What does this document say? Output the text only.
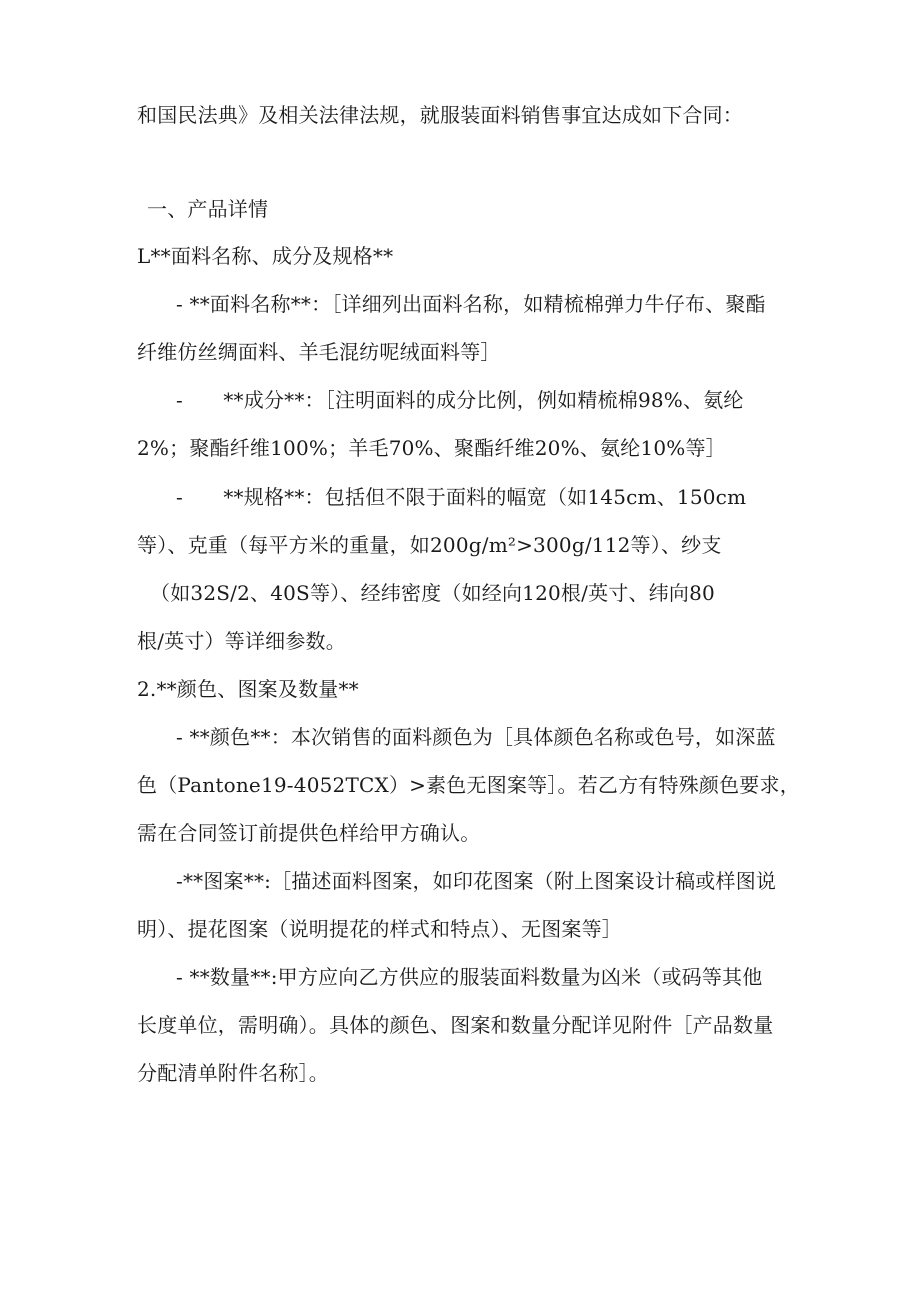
和国民法典》及相关法律法规，就服装面料销售事宜达成如下合同：
一、产品详情
L**面料名称、成分及规格**
- **面料名称**：［详细列出面料名称，如精梳棉弹力牛仔布、聚酯
纤维仿丝绸面料、羊毛混纺呢绒面料等］
-　　**成分**：［注明面料的成分比例，例如精梳棉98%、氨纶
2%；聚酯纤维100%；羊毛70%、聚酯纤维20%、氨纶10%等］
-　　**规格**：包括但不限于面料的幅宽（如145cm、150cm
等）、克重（每平方米的重量，如200g∕m²>300g∕112等）、纱支
（如32S/2、40S等）、经纬密度（如经向120根/英寸、纬向80
根/英寸）等详细参数。
2.**颜色、图案及数量**
- **颜色**：本次销售的面料颜色为［具体颜色名称或色号，如深蓝
色（Pantone19-4052TCX）>素色无图案等］。若乙方有特殊颜色要求，
需在合同签订前提供色样给甲方确认。
-**图案**:［描述面料图案，如印花图案（附上图案设计稿或样图说
明）、提花图案（说明提花的样式和特点）、无图案等］
- **数量**:甲方应向乙方供应的服装面料数量为凶米（或码等其他
长度单位，需明确）。具体的颜色、图案和数量分配详见附件［产品数量
分配清单附件名称］。
